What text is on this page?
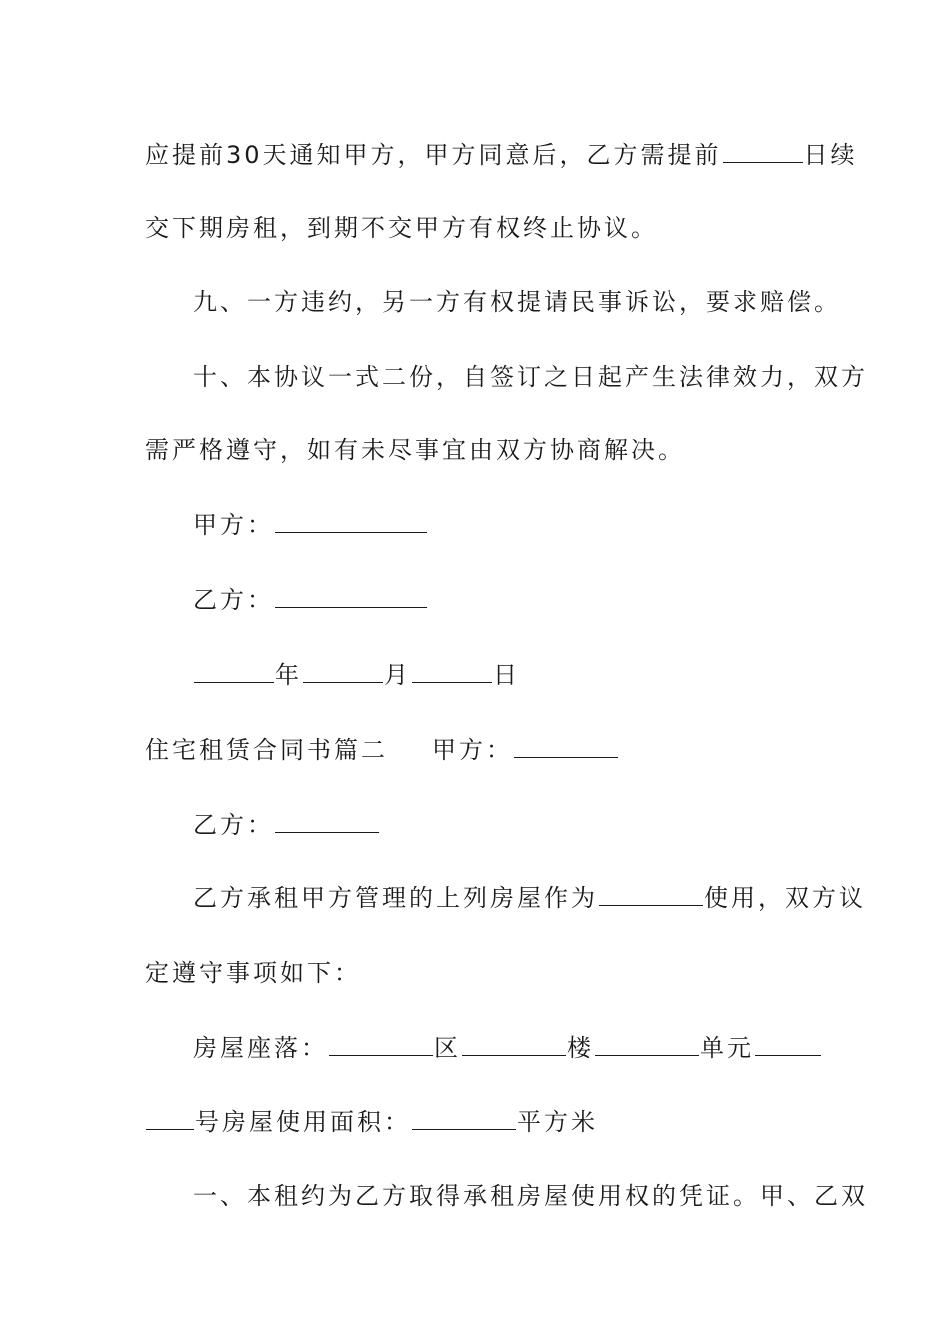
应提前30天通知甲方，甲方同意后，乙方需提前	日续
交下期房租，到期不交甲方有权终止协议。
九、一方违约，另一方有权提请民事诉讼，要求赔偿。
十、本协议一式二份，自签订之日起产生法律效力，双方
需严格遵守，如有未尽事宜由双方协商解决。
甲方：
乙方：
年	月	日
住宅租赁合同书篇二 甲方：
乙方：
乙方承租甲方管理的上列房屋作为	使用，双方议
定遵守事项如下：
房屋座落：	区	楼	单元
号房屋使用面积：	平方米
一、本租约为乙方取得承租房屋使用权的凭证。甲、乙双
